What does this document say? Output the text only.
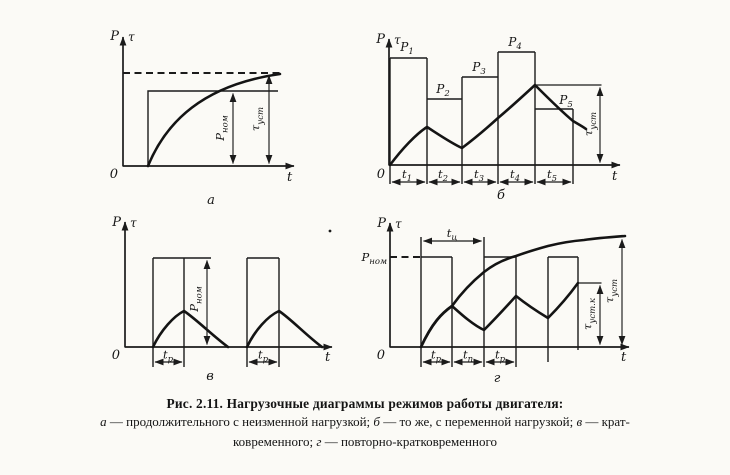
P τ
0	t
$P_{ном}$ $\tau_{уст}$
а
P τ
0	t
$P_1$
$P_2$
$P_3$
$P_4$
$P_5$
$\tau_{уст}$
$t_1$ $t_2$ $t_3$ $t_4$ $t_5$
б
P τ
0	t
$P_{ном}$
$t_р$	$t_р$
в
P τ
0	t
$Р_{ном}$
$t_ц$
$\tau_{уст.к}$ $\tau_{уст}$
$t_р$ $t_п$ $t_р$
г
Рис. 2.11. Нагрузочные диаграммы режимов работы двигателя:
а — продолжительного с неизменной нагрузкой; б — то же, с переменной нагрузкой; в — крат-
ковременного; г — повторно-кратковременного
